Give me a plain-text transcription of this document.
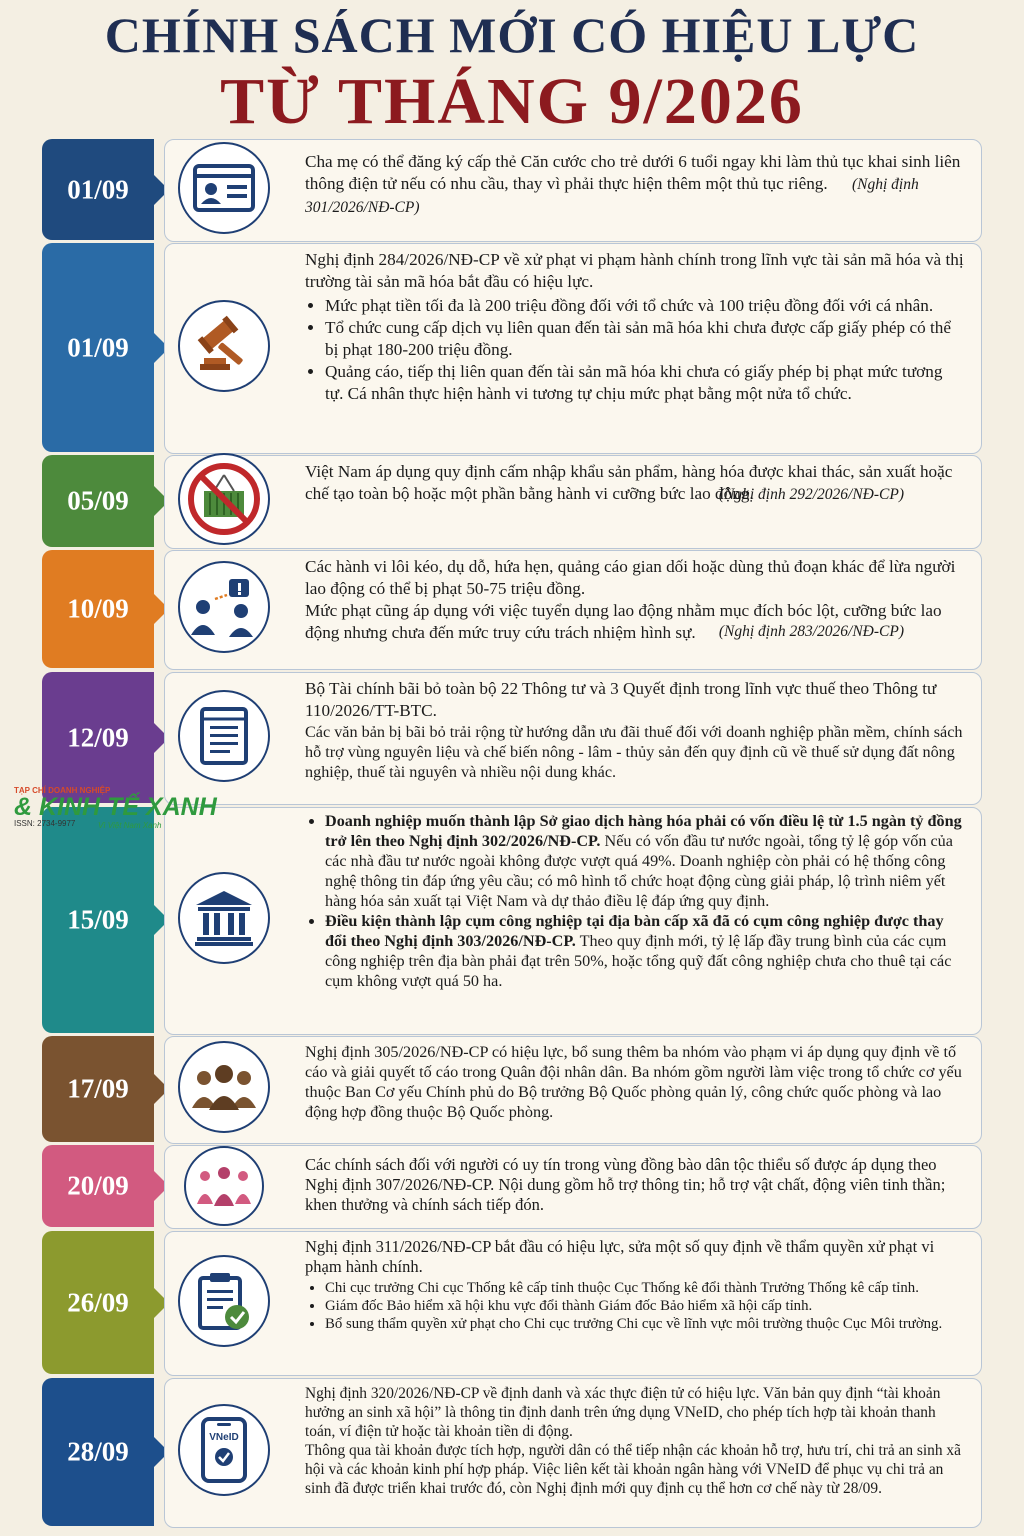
CHÍNH SÁCH MỚI CÓ HIỆU LỰC
TỪ THÁNG 9/2026
01/09

Cha mẹ có thể đăng ký cấp thẻ Căn cước cho trẻ dưới 6 tuổi ngay khi làm thủ tục khai sinh liên thông điện tử nếu có nhu cầu, thay vì phải thực hiện thêm một thủ tục riêng. (Nghị định 301/2026/NĐ-CP)

01/09

Nghị định 284/2026/NĐ-CP về xử phạt vi phạm hành chính trong lĩnh vực tài sản mã hóa và thị trường tài sản mã hóa bắt đầu có hiệu lực.

• Mức phạt tiền tối đa là 200 triệu đồng đối với tổ chức và 100 triệu đồng đối với cá nhân.
• Tổ chức cung cấp dịch vụ liên quan đến tài sản mã hóa khi chưa được cấp giấy phép có thể bị phạt 180-200 triệu đồng.
• Quảng cáo, tiếp thị liên quan đến tài sản mã hóa khi chưa có giấy phép bị phạt mức tương tự. Cá nhân thực hiện hành vi tương tự chịu mức phạt bằng một nửa tổ chức.
05/09

Việt Nam áp dụng quy định cấm nhập khẩu sản phẩm, hàng hóa được khai thác, sản xuất hoặc chế tạo toàn bộ hoặc một phần bằng hành vi cưỡng bức lao động.

(Nghị định 292/2026/NĐ-CP)

10/09

Các hành vi lôi kéo, dụ dỗ, hứa hẹn, quảng cáo gian dối hoặc dùng thủ đoạn khác để lừa người lao động có thể bị phạt 50-75 triệu đồng.

Mức phạt cũng áp dụng với việc tuyển dụng lao động nhằm mục đích bóc lột, cưỡng bức lao động nhưng chưa đến mức truy cứu trách nhiệm hình sự. (Nghị định 283/2026/NĐ-CP)

12/09

Bộ Tài chính bãi bỏ toàn bộ 22 Thông tư và 3 Quyết định trong lĩnh vực thuế theo Thông tư 110/2026/TT-BTC.

Các văn bản bị bãi bỏ trải rộng từ hướng dẫn ưu đãi thuế đối với doanh nghiệp phần mềm, chính sách hỗ trợ vùng nguyên liệu và chế biến nông - lâm - thủy sản đến quy định cũ về thuế sử dụng đất nông nghiệp, thuế tài nguyên và nhiều nội dung khác.

15/09
• Doanh nghiệp muốn thành lập Sở giao dịch hàng hóa phải có vốn điều lệ từ 1.5 ngàn tỷ đồng trở lên theo Nghị định 302/2026/NĐ-CP. Nếu có vốn đầu tư nước ngoài, tổng tỷ lệ góp vốn của các nhà đầu tư nước ngoài không được vượt quá 49%. Doanh nghiệp còn phải có hệ thống công nghệ thông tin đáp ứng yêu cầu; có mô hình tổ chức hoạt động cùng giải pháp, lộ trình niêm yết hàng hóa sản xuất tại Việt Nam và dự thảo điều lệ đáp ứng quy định.
• Điều kiện thành lập cụm công nghiệp tại địa bàn cấp xã đã có cụm công nghiệp được thay đổi theo Nghị định 303/2026/NĐ-CP. Theo quy định mới, tỷ lệ lấp đầy trung bình của các cụm công nghiệp trên địa bàn phải đạt trên 50%, hoặc tổng quỹ đất công nghiệp chưa cho thuê tại các cụm không vượt quá 50 ha.
17/09

Nghị định 305/2026/NĐ-CP có hiệu lực, bổ sung thêm ba nhóm vào phạm vi áp dụng quy định về tố cáo và giải quyết tố cáo trong Quân đội nhân dân. Ba nhóm gồm người làm việc trong tổ chức cơ yếu thuộc Ban Cơ yếu Chính phủ do Bộ trưởng Bộ Quốc phòng quản lý, công chức quốc phòng và lao động hợp đồng thuộc Bộ Quốc phòng.

20/09

Các chính sách đối với người có uy tín trong vùng đồng bào dân tộc thiểu số được áp dụng theo Nghị định 307/2026/NĐ-CP. Nội dung gồm hỗ trợ thông tin; hỗ trợ vật chất, động viên tinh thần; khen thưởng và chính sách tiếp đón.

26/09

Nghị định 311/2026/NĐ-CP bắt đầu có hiệu lực, sửa một số quy định về thẩm quyền xử phạt vi phạm hành chính.

• Chi cục trưởng Chi cục Thống kê cấp tỉnh thuộc Cục Thống kê đổi thành Trưởng Thống kê cấp tỉnh.
• Giám đốc Bảo hiểm xã hội khu vực đổi thành Giám đốc Bảo hiểm xã hội cấp tỉnh.
• Bổ sung thẩm quyền xử phạt cho Chi cục trưởng Chi cục về lĩnh vực môi trường thuộc Cục Môi trường.
28/09	VNeID

Nghị định 320/2026/NĐ-CP về định danh và xác thực điện tử có hiệu lực. Văn bản quy định “tài khoản hưởng an sinh xã hội” là thông tin định danh trên ứng dụng VNeID, cho phép tích hợp tài khoản thanh toán, ví điện tử hoặc tài khoản tiền di động.

Thông qua tài khoản được tích hợp, người dân có thể tiếp nhận các khoản hỗ trợ, hưu trí, chi trả an sinh xã hội và các khoản kinh phí hợp pháp. Việc liên kết tài khoản ngân hàng với VNeID để phục vụ chi trả an sinh đã được triển khai trước đó, còn Nghị định mới quy định cụ thể hơn cơ chế này từ 28/09.

TẠP CHÍ DOANH NGHIỆP
& KINH TẾ XANH
ISSN: 2734-9977	Vì Việt Nam Xanh
